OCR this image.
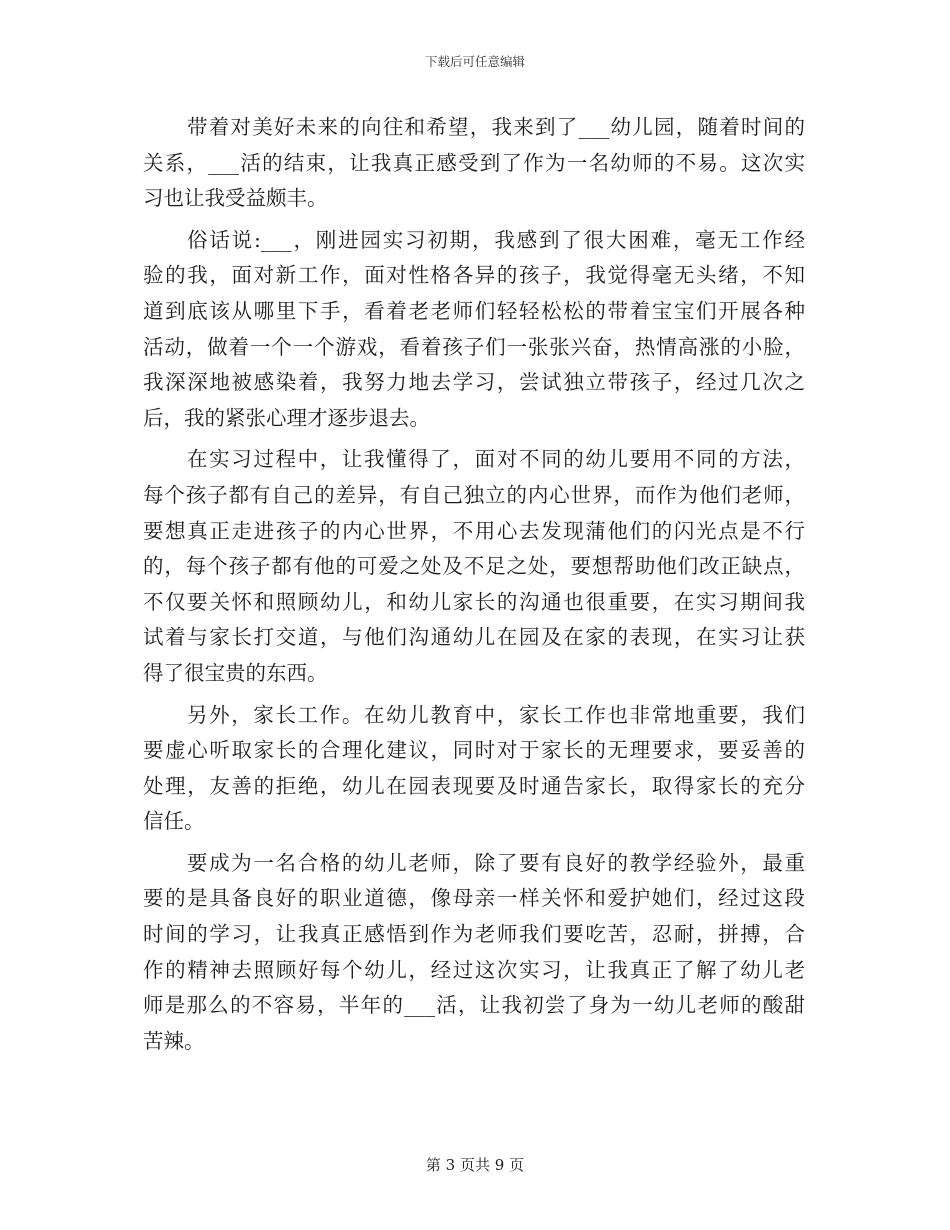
下载后可任意编辑
带着对美好未来的向往和希望，我来到了___幼儿园，随着时间的
关系，___活的结束，让我真正感受到了作为一名幼师的不易。这次实
习也让我受益颇丰。
俗话说:___，刚进园实习初期，我感到了很大困难，毫无工作经
验的我，面对新工作，面对性格各异的孩子，我觉得毫无头绪，不知
道到底该从哪里下手，看着老老师们轻轻松松的带着宝宝们开展各种
活动，做着一个一个游戏，看着孩子们一张张兴奋，热情高涨的小脸，
我深深地被感染着，我努力地去学习，尝试独立带孩子，经过几次之
后，我的紧张心理才逐步退去。
在实习过程中，让我懂得了，面对不同的幼儿要用不同的方法，
每个孩子都有自己的差异，有自己独立的内心世界，而作为他们老师，
要想真正走进孩子的内心世界，不用心去发现蒲他们的闪光点是不行
的，每个孩子都有他的可爱之处及不足之处，要想帮助他们改正缺点，
不仅要关怀和照顾幼儿，和幼儿家长的沟通也很重要，在实习期间我
试着与家长打交道，与他们沟通幼儿在园及在家的表现，在实习让获
得了很宝贵的东西。
另外，家长工作。在幼儿教育中，家长工作也非常地重要，我们
要虚心听取家长的合理化建议，同时对于家长的无理要求，要妥善的
处理，友善的拒绝，幼儿在园表现要及时通告家长，取得家长的充分
信任。
要成为一名合格的幼儿老师，除了要有良好的教学经验外，最重
要的是具备良好的职业道德，像母亲一样关怀和爱护她们，经过这段
时间的学习，让我真正感悟到作为老师我们要吃苦，忍耐，拼搏，合
作的精神去照顾好每个幼儿，经过这次实习，让我真正了解了幼儿老
师是那么的不容易，半年的___活，让我初尝了身为一幼儿老师的酸甜
苦辣。
第 3 页共 9 页
